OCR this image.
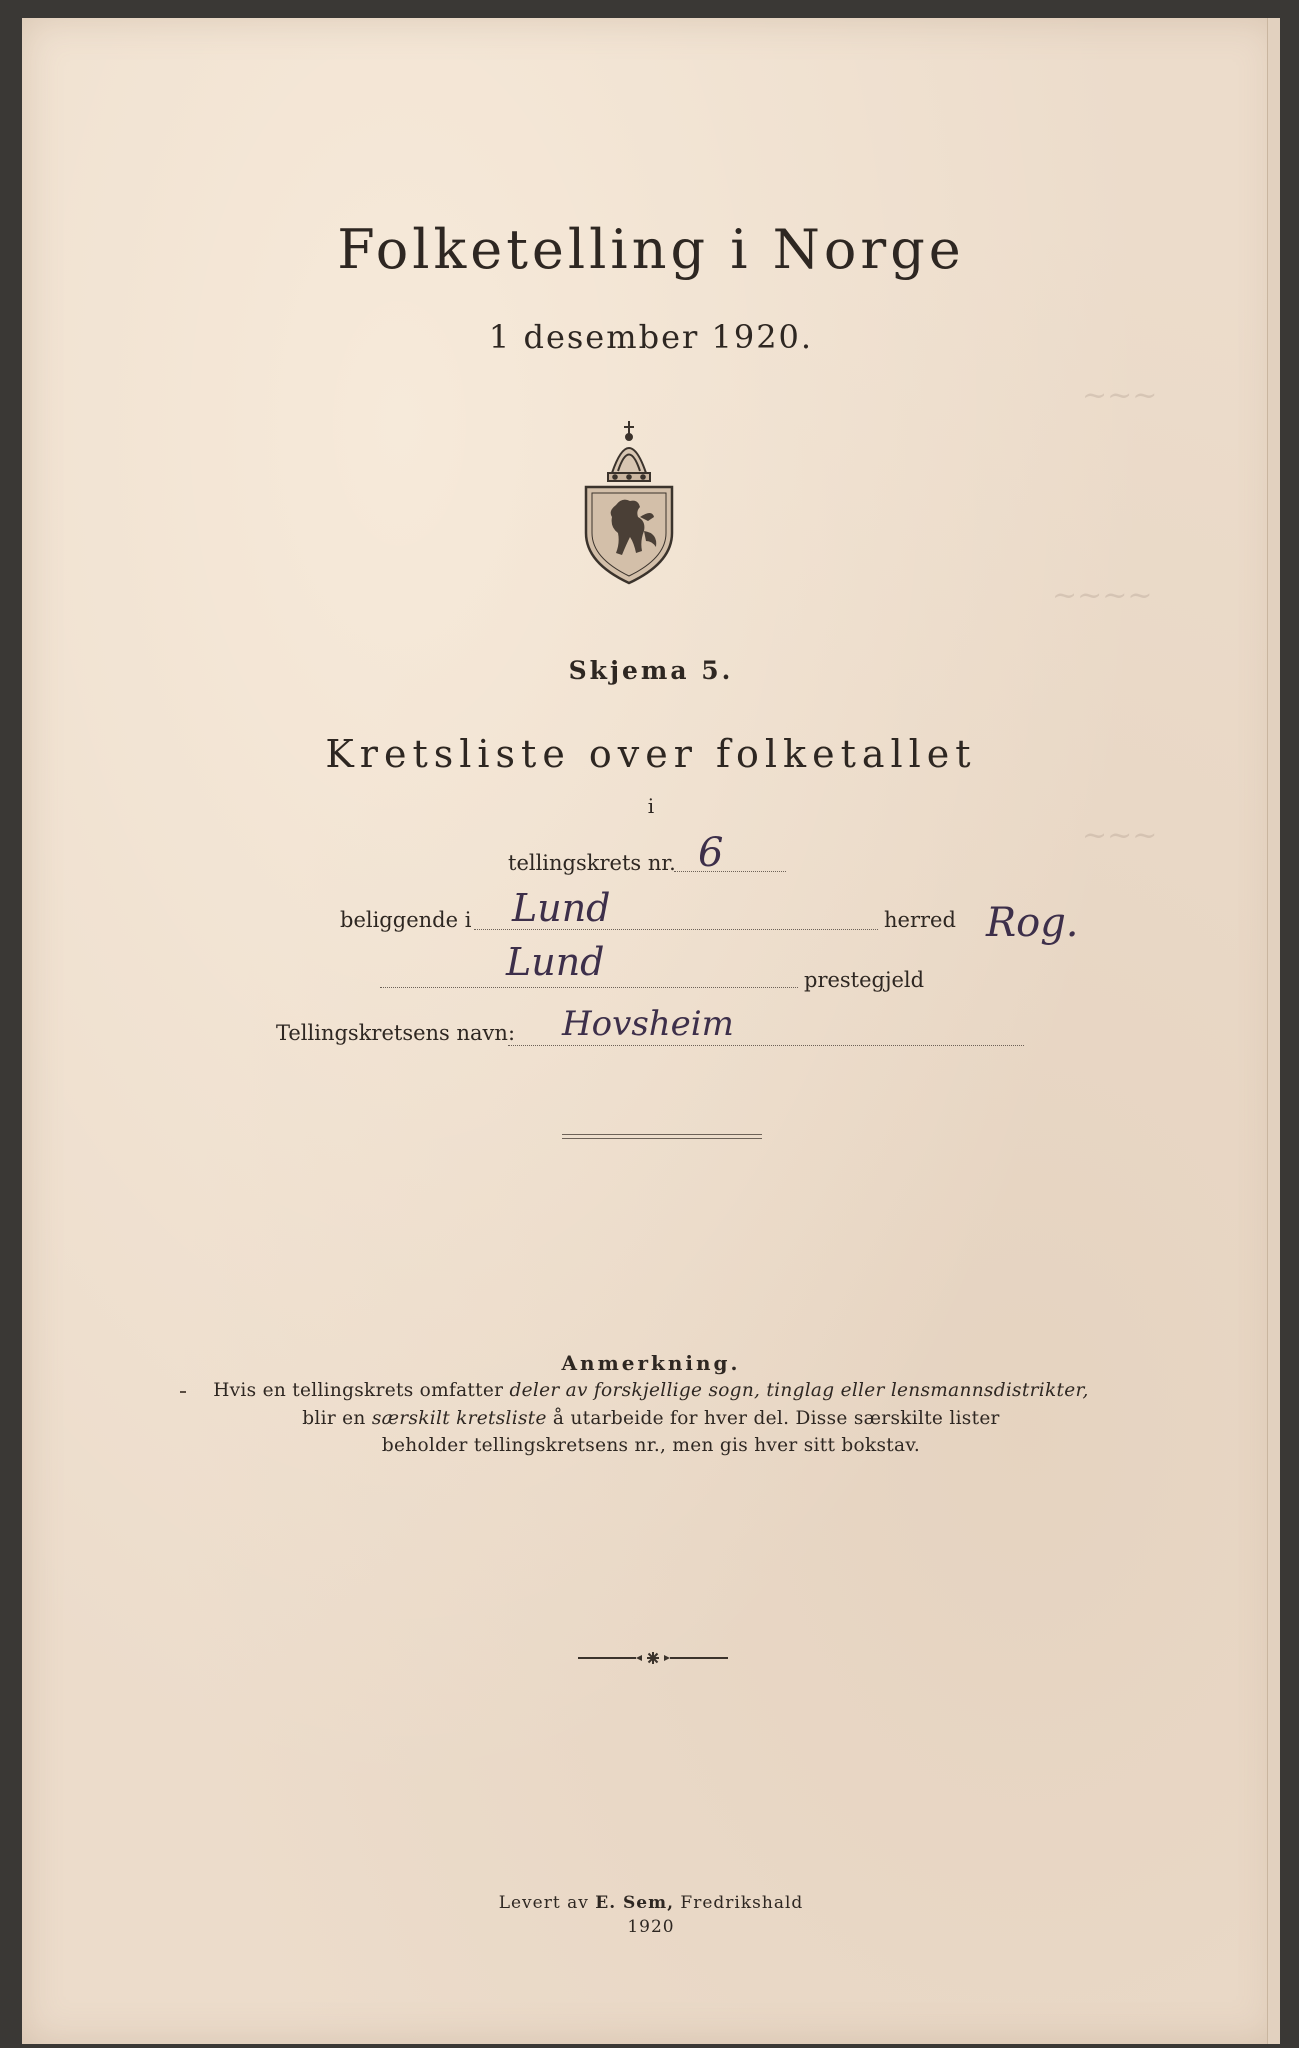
~~~
~~~~
~~~
Folketelling i Norge
1 desember 1920.
Skjema 5.
Kretsliste over folketallet
i
tellingskrets nr. 6
beliggende i Lund	herred Rog.
Lund	prestegjeld
Tellingskretsens navn: Hovsheim
Anmerkning.
Hvis en tellingskrets omfatter deler av forskjellige sogn, tinglag eller lensmannsdistrikter,
blir en særskilt kretsliste å utarbeide for hver del. Disse særskilte lister
beholder tellingskretsens nr., men gis hver sitt bokstav.
Levert av E. Sem, Fredrikshald
1920
